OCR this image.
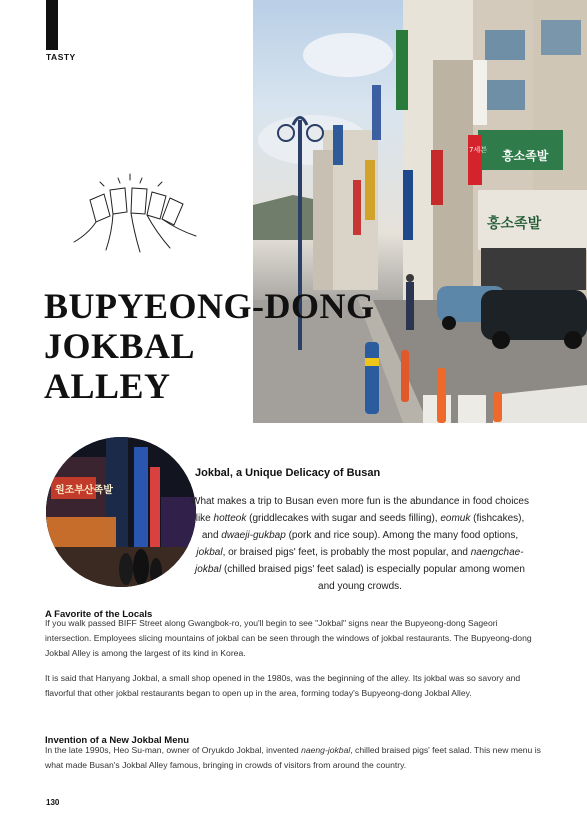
TASTY
흥소족발
홍소족발
7세븐
BUPYEONG-DONG
JOKBAL
ALLEY
원조부산족발
Jokbal, a Unique Delicacy of Busan

What makes a trip to Busan even more fun is the abundance in food choices like hotteok (griddlecakes with sugar and seeds filling), eomuk (fishcakes), and dwaeji-gukbap (pork and rice soup). Among the many food options, jokbal, or braised pigs' feet, is probably the most popular, and naengchae-jokbal (chilled braised pigs' feet salad) is especially popular among women and young crowds.

A Favorite of the Locals

If you walk passed BIFF Street along Gwangbok-ro, you'll begin to see "Jokbal" signs near the Bupyeong-dong Sageori intersection. Employees slicing mountains of jokbal can be seen through the windows of jokbal restaurants. The Bupyeong-dong Jokbal Alley is among the largest of its kind in Korea.

It is said that Hanyang Jokbal, a small shop opened in the 1980s, was the beginning of the alley. Its jokbal was so savory and flavorful that other jokbal restaurants began to open up in the area, forming today's Bupyeong-dong Jokbal Alley.

Invention of a New Jokbal Menu

In the late 1990s, Heo Su-man, owner of Oryukdo Jokbal, invented naeng-jokbal, chilled braised pigs' feet salad. This new menu is what made Busan's Jokbal Alley famous, bringing in crowds of visitors from around the country.

130
